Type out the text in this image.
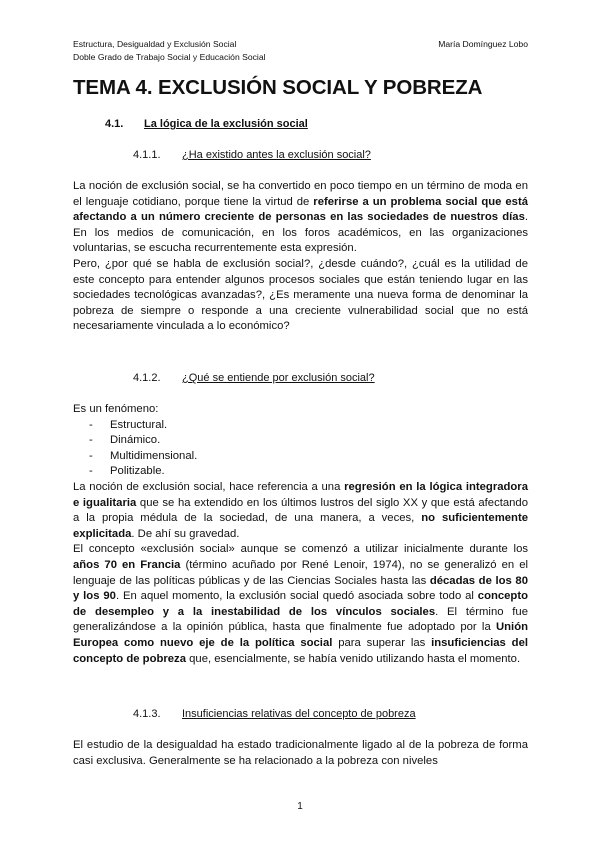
Estructura, Desigualdad y Exclusión Social
Doble Grado de Trabajo Social y Educación Social
María Domínguez Lobo
TEMA 4. EXCLUSIÓN SOCIAL Y POBREZA
4.1. La lógica de la exclusión social
4.1.1. ¿Ha existido antes la exclusión social?

La noción de exclusión social, se ha convertido en poco tiempo en un término de moda en el lenguaje cotidiano, porque tiene la virtud de referirse a un problema social que está afectando a un número creciente de personas en las sociedades de nuestros días. En los medios de comunicación, en los foros académicos, en las organizaciones voluntarias, se escucha recurrentemente esta expresión.

Pero, ¿por qué se habla de exclusión social?, ¿desde cuándo?, ¿cuál es la utilidad de este concepto para entender algunos procesos sociales que están teniendo lugar en las sociedades tecnológicas avanzadas?, ¿Es meramente una nueva forma de denominar la pobreza de siempre o responde a una creciente vulnerabilidad social que no está necesariamente vinculada a lo económico?

4.1.2. ¿Qué se entiende por exclusión social?

Es un fenómeno:

- Estructural.
- Dinámico.
- Multidimensional.
- Politizable.

La noción de exclusión social, hace referencia a una regresión en la lógica integradora e igualitaria que se ha extendido en los últimos lustros del siglo XX y que está afectando a la propia médula de la sociedad, de una manera, a veces, no suficientemente explicitada. De ahí su gravedad.

El concepto «exclusión social» aunque se comenzó a utilizar inicialmente durante los años 70 en Francia (término acuñado por René Lenoir, 1974), no se generalizó en el lenguaje de las políticas públicas y de las Ciencias Sociales hasta las décadas de los 80 y los 90. En aquel momento, la exclusión social quedó asociada sobre todo al concepto de desempleo y a la inestabilidad de los vínculos sociales. El término fue generalizándose a la opinión pública, hasta que finalmente fue adoptado por la Unión Europea como nuevo eje de la política social para superar las insuficiencias del concepto de pobreza que, esencialmente, se había venido utilizando hasta el momento.

4.1.3. Insuficiencias relativas del concepto de pobreza

El estudio de la desigualdad ha estado tradicionalmente ligado al de la pobreza de forma casi exclusiva. Generalmente se ha relacionado a la pobreza con niveles

1
